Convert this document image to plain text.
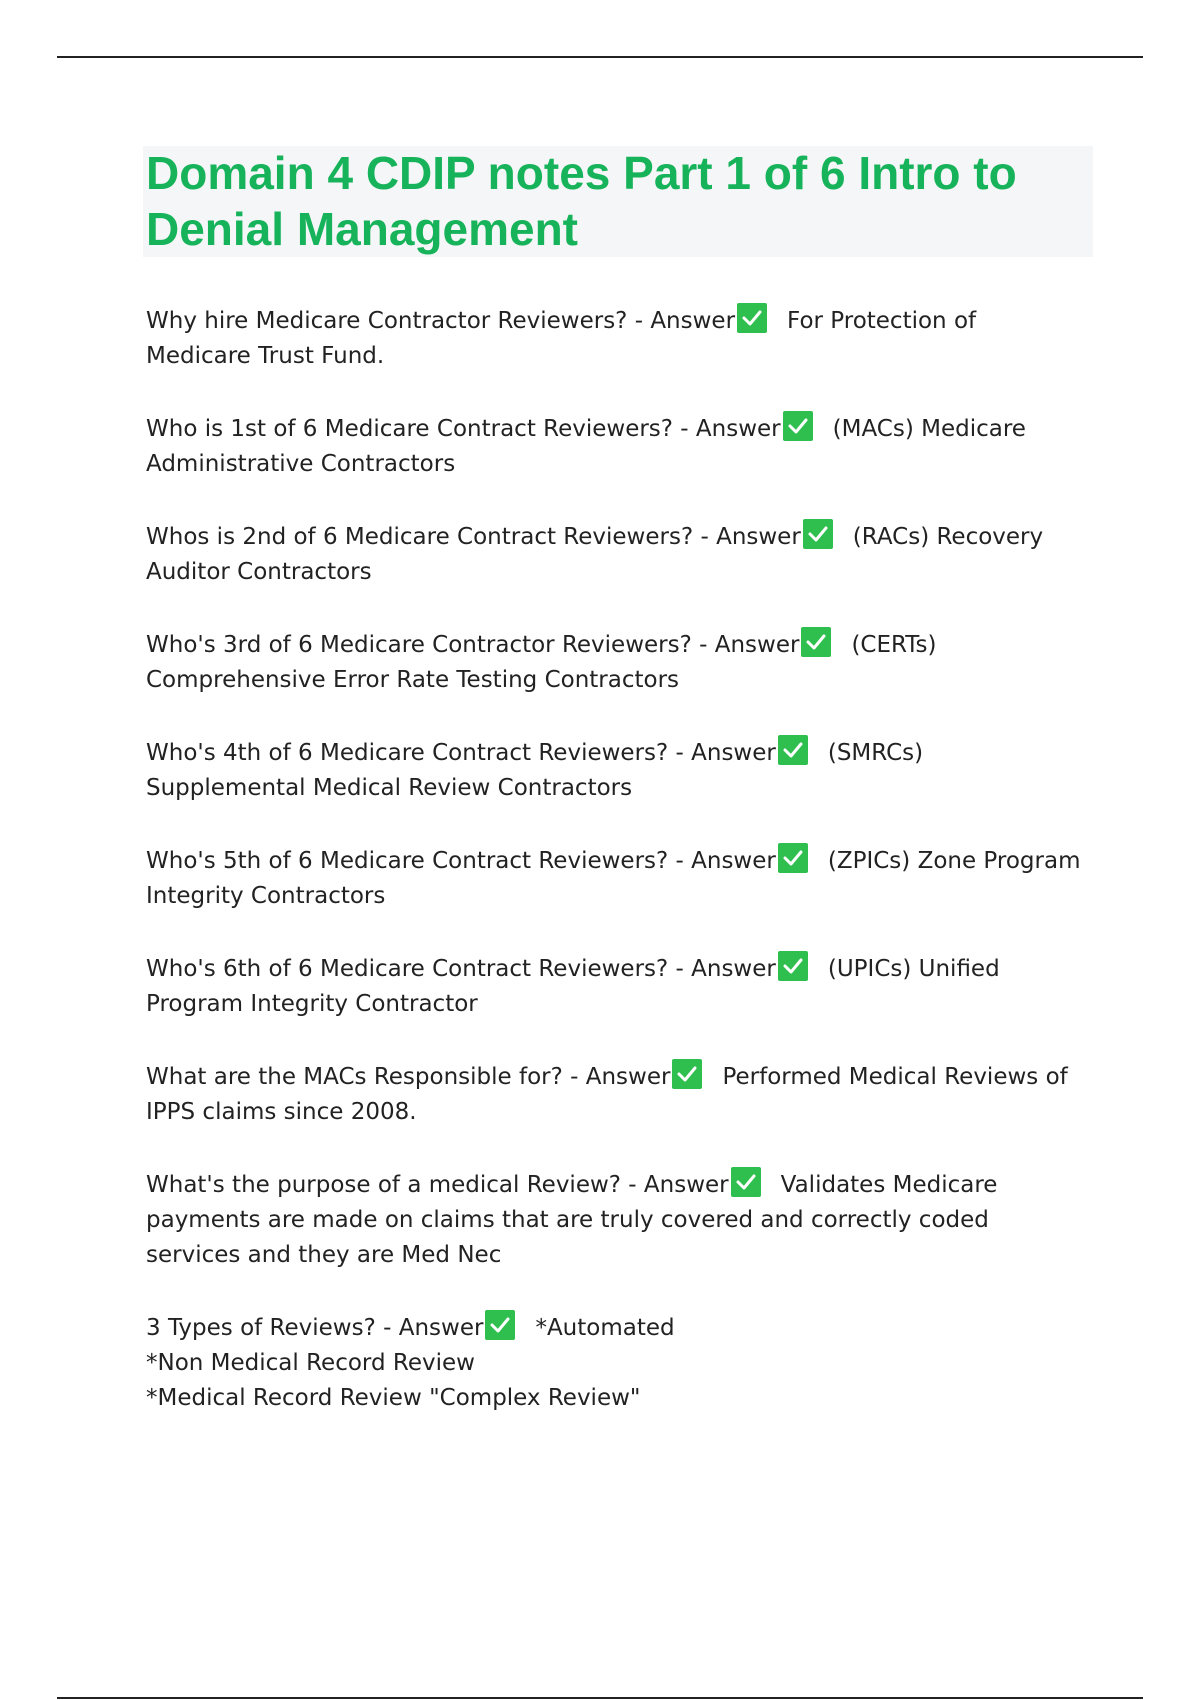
Domain 4 CDIP notes Part 1 of 6 Intro to Denial Management

Why hire Medicare Contractor Reviewers? - Answer For Protection of Medicare Trust Fund.

Who is 1st of 6 Medicare Contract Reviewers? - Answer (MACs) Medicare Administrative Contractors

Whos is 2nd of 6 Medicare Contract Reviewers? - Answer (RACs) Recovery Auditor Contractors

Who's 3rd of 6 Medicare Contractor Reviewers? - Answer (CERTs) Comprehensive Error Rate Testing Contractors

Who's 4th of 6 Medicare Contract Reviewers? - Answer (SMRCs) Supplemental Medical Review Contractors

Who's 5th of 6 Medicare Contract Reviewers? - Answer (ZPICs) Zone Program Integrity Contractors

Who's 6th of 6 Medicare Contract Reviewers? - Answer (UPICs) Unified Program Integrity Contractor

What are the MACs Responsible for? - Answer Performed Medical Reviews of IPPS claims since 2008.

What's the purpose of a medical Review? - Answer Validates Medicare payments are made on claims that are truly covered and correctly coded services and they are Med Nec

3 Types of Reviews? - Answer *Automated
*Non Medical Record Review
*Medical Record Review "Complex Review"
